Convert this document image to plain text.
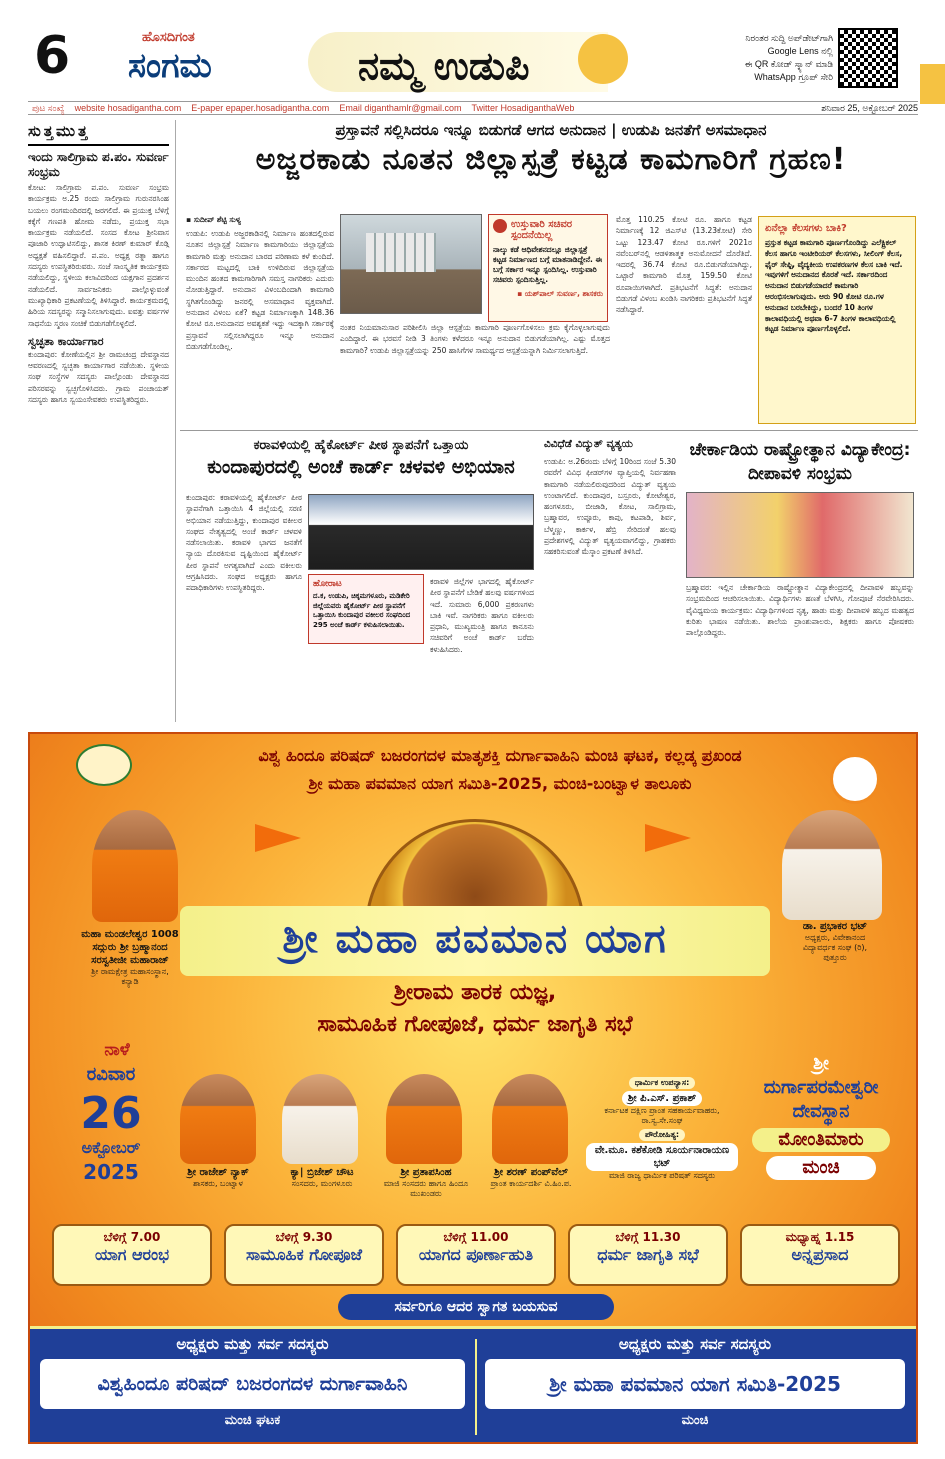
6	ಹೊಸದಿಗಂತ
ಸಂಗಮ	ನಮ್ಮ ಉಡುಪಿ
ನಿರಂತರ ಸುದ್ದಿ ಅಪ್‌ಡೇಟ್‌ಗಾಗಿ
Google Lens ನಲ್ಲಿ
ಈ QR ಕೋಡ್ ಸ್ಕ್ಯಾನ್ ಮಾಡಿ
WhatsApp ಗ್ರೂಪ್ ಸೇರಿ
ಪುಟ ಸಂಖ್ಯೆ website hosadigantha.com E-paper epaper.hosadigantha.com Email diganthamlr@gmail.com Twitter HosadiganthaWeb	ಶನಿವಾರ 25, ಅಕ್ಟೋಬರ್ 2025
ಸುತ್ತಮುತ್ತ
ಇಂದು ಸಾಲಿಗ್ರಾಮ ಪ.ಪಂ. ಸುವರ್ಣ ಸಂಭ್ರಮ

ಕೋಟ: ಸಾಲಿಗ್ರಾಮ ಪ.ಪಂ. ಸುವರ್ಣ ಸಂಭ್ರಮ ಕಾರ್ಯಕ್ರಮ ಅ.25 ರಂದು ಸಾಲಿಗ್ರಾಮ ಗುರುನರಸಿಂಹ ಬಯಲು ರಂಗಮಂದಿರದಲ್ಲಿ ಜರಗಲಿದೆ. ಈ ಪ್ರಯುಕ್ತ ಬೆಳಿಗ್ಗೆ ಕಕ್ಕೆಗೆ ಗಣಪತಿ ಹೋಮ ನಡೆದು, ಪ್ರಯುಕ್ತ ಸಭಾ ಕಾರ್ಯಕ್ರಮ ನಡೆಯಲಿದೆ. ಸಂಸದ ಕೋಟ ಶ್ರೀನಿವಾಸ ಪೂಜಾರಿ ಉದ್ಘಾಟಿಸಲಿದ್ದು, ಶಾಸಕ ಕಿರಣ್ ಕುಮಾರ್ ಕೊಡ್ಗಿ ಅಧ್ಯಕ್ಷತೆ ವಹಿಸಲಿದ್ದಾರೆ. ಪ.ಪಂ. ಅಧ್ಯಕ್ಷ ರತ್ನಾ ಹಾಗೂ ಸದಸ್ಯರು ಉಪಸ್ಥಿತರಿರುವರು. ಸಂಜೆ ಸಾಂಸ್ಕೃತಿಕ ಕಾರ್ಯಕ್ರಮ ನಡೆಯಲಿದ್ದು, ಸ್ಥಳೀಯ ಕಲಾವಿದರಿಂದ ಯಕ್ಷಗಾನ ಪ್ರದರ್ಶನ ನಡೆಯಲಿದೆ. ಸಾರ್ವಜನಿಕರು ಪಾಲ್ಗೊಳ್ಳುವಂತೆ ಮುಖ್ಯಾಧಿಕಾರಿ ಪ್ರಕಟಣೆಯಲ್ಲಿ ತಿಳಿಸಿದ್ದಾರೆ. ಕಾರ್ಯಕ್ರಮದಲ್ಲಿ ಹಿರಿಯ ಸದಸ್ಯರನ್ನು ಸನ್ಮಾನಿಸಲಾಗುವುದು. ಐವತ್ತು ವರ್ಷಗಳ ಸಾಧನೆಯ ಸ್ಮರಣ ಸಂಚಿಕೆ ಬಿಡುಗಡೆಗೊಳ್ಳಲಿದೆ.

ಸ್ವಚ್ಛತಾ ಕಾರ್ಯಾಗಾರ

ಕುಂದಾಪುರ: ಕೋಣೆಯಲ್ಲಿನ ಶ್ರೀ ರಾಮಚಂದ್ರ ದೇವಸ್ಥಾನದ ಆವರಣದಲ್ಲಿ ಸ್ವಚ್ಛತಾ ಕಾರ್ಯಾಗಾರ ನಡೆಯಿತು. ಸ್ಥಳೀಯ ಸಂಘ ಸಂಸ್ಥೆಗಳ ಸದಸ್ಯರು ಪಾಲ್ಗೊಂಡು ದೇವಸ್ಥಾನದ ಪರಿಸರವನ್ನು ಸ್ವಚ್ಛಗೊಳಿಸಿದರು. ಗ್ರಾಮ ಪಂಚಾಯತ್ ಸದಸ್ಯರು ಹಾಗೂ ಸ್ವಯಂಸೇವಕರು ಉಪಸ್ಥಿತರಿದ್ದರು.

ಪ್ರಸ್ತಾವನೆ ಸಲ್ಲಿಸಿದರೂ ಇನ್ನೂ ಬಿಡುಗಡೆ ಆಗದ ಅನುದಾನ | ಉಡುಪಿ ಜನತೆಗೆ ಅಸಮಾಧಾನ
ಅಜ್ಜರಕಾಡು ನೂತನ ಜಿಲ್ಲಾಸ್ಪತ್ರೆ ಕಟ್ಟಡ ಕಾಮಗಾರಿಗೆ ಗ್ರಹಣ!
▪ ಸುದೀಪ್ ಶೆಟ್ಟಿ ಸುಳ್ಯ
ಉಡುಪಿ: ಉಡುಪಿ ಅಜ್ಜರಕಾಡಿನಲ್ಲಿ ನಿರ್ಮಾಣ ಹಂತದಲ್ಲಿರುವ ನೂತನ ಜಿಲ್ಲಾಸ್ಪತ್ರೆ ನಿರ್ಮಾಣ ಕಾಮಗಾರಿಯು ಜಿಲ್ಲಾಸ್ಪತ್ರೆಯ ಕಾಮಗಾರಿ ಮತ್ತು ಅನುದಾನ ಬಾರದ ಪರಿಣಾಮ ಕಳೆ ಕುಂದಿದೆ. ಸರ್ಕಾರದ ಮಟ್ಟದಲ್ಲಿ ಬಾಕಿ ಉಳಿದಿರುವ ಜಿಲ್ಲಾಸ್ಪತ್ರೆಯ ಮುಂದಿನ ಹಂತದ ಕಾಮಗಾರಿಗಾಗಿ ಸಮಸ್ತ ನಾಗರಿಕರು ಎದುರು ನೋಡುತ್ತಿದ್ದಾರೆ. ಅನುದಾನ ವಿಳಂಬದಿಂದಾಗಿ ಕಾಮಗಾರಿ ಸ್ಥಗಿತಗೊಂಡಿದ್ದು ಜನರಲ್ಲಿ ಅಸಮಾಧಾನ ವ್ಯಕ್ತವಾಗಿದೆ. ಅನುದಾನ ವಿಳಂಬ ಏಕೆ? ಕಟ್ಟಡ ನಿರ್ಮಾಣಕ್ಕಾಗಿ 148.36 ಕೋಟಿ ರೂ.ಅನುದಾನದ ಅವಶ್ಯಕತೆ ಇದ್ದು ಇದಕ್ಕಾಗಿ ಸರ್ಕಾರಕ್ಕೆ ಪ್ರಸ್ತಾವನೆ ಸಲ್ಲಿಸಲಾಗಿದ್ದರೂ ಇನ್ನೂ ಅನುದಾನ ಬಿಡುಗಡೆಗೊಂಡಿಲ್ಲ.
ಉಸ್ತುವಾರಿ ಸಚಿವರ ಸ್ಪಂದನೆಯಿಲ್ಲ

ನಾಲ್ಕು ಕಡೆ ಆಧಿವೇಶನದಲ್ಲೂ ಜಿಲ್ಲಾಸ್ಪತ್ರೆ ಕಟ್ಟಡ ನಿರ್ಮಾಣದ ಬಗ್ಗೆ ಮಾತನಾಡಿದ್ದೇನೆ. ಈ ಬಗ್ಗೆ ಸರ್ಕಾರ ಇನ್ನೂ ಸ್ಪಂದಿಸಿಲ್ಲ. ಉಸ್ತುವಾರಿ ಸಚಿವರು ಸ್ಪಂದಿಸುತ್ತಿಲ್ಲ.

▪ ಯಶ್‌ಪಾಲ್ ಸುವರ್ಣ, ಶಾಸಕರು

ನಂತರ ನಿಯಮಾನುಸಾರ ಪರಿಶೀಲಿಸಿ ಜಿಲ್ಲಾ ಆಸ್ಪತ್ರೆಯ ಕಾಮಗಾರಿ ಪೂರ್ಣಗೊಳಿಸಲು ಕ್ರಮ ಕೈಗೊಳ್ಳಲಾಗುವುದು ಎಂದಿದ್ದಾರೆ. ಈ ಭರವಸೆ ನೀಡಿ 3 ತಿಂಗಳು ಕಳೆದರೂ ಇನ್ನೂ ಅನುದಾನ ಬಿಡುಗಡೆಯಾಗಿಲ್ಲ. ಎಷ್ಟು ಮೊತ್ತದ ಕಾಮಗಾರಿ? ಉಡುಪಿ ಜಿಲ್ಲಾಸ್ಪತ್ರೆಯನ್ನು 250 ಹಾಸಿಗೆಗಳ ಸಾಮರ್ಥ್ಯದ ಆಸ್ಪತ್ರೆಯನ್ನಾಗಿ ನಿರ್ಮಿಸಲಾಗುತ್ತಿದೆ.
ಮೊತ್ತ 110.25 ಕೋಟಿ ರೂ. ಹಾಗೂ ಕಟ್ಟಡ ನಿರ್ಮಾಣಕ್ಕೆ 12 ಜಿಎಸ್‌ಟಿ (13.23ಕೋಟಿ) ಸೇರಿ ಒಟ್ಟು 123.47 ಕೋಟಿ ರೂ.ಗಳಿಗೆ 2021ರ ನವೆಂಬರ್‌ನಲ್ಲಿ ಆಡಳಿತಾತ್ಮಕ ಅನುಮೋದನೆ ದೊರೆತಿದೆ. ಇದರಲ್ಲಿ 36.74 ಕೋಟಿ ರೂ.ಬಿಡುಗಡೆಯಾಗಿದ್ದು, ಒಟ್ಟಾರೆ ಕಾಮಗಾರಿ ಮೊತ್ತ 159.50 ಕೋಟಿ ರೂಪಾಯಿಗಳಾಗಿದೆ. ಪ್ರತಿಭಟನೆಗೆ ಸಿದ್ಧತೆ: ಅನುದಾನ ಬಿಡುಗಡೆ ವಿಳಂಬ ಖಂಡಿಸಿ ನಾಗರಿಕರು ಪ್ರತಿಭಟನೆಗೆ ಸಿದ್ಧತೆ ನಡೆಸಿದ್ದಾರೆ.
ಏನೆಲ್ಲಾ ಕೆಲಸಗಳು ಬಾಕಿ?

ಪ್ರಸ್ತುತ ಕಟ್ಟಡ ಕಾಮಗಾರಿ ಪೂರ್ಣಗೊಂಡಿದ್ದು ಎಲೆಕ್ಟ್ರಿಕಲ್ ಕೆಲಸ ಹಾಗೂ ಇಂಟೀರಿಯರ್ ಕೆಲಸಗಳು, ಸೀಲಿಂಗ್ ಕೆಲಸ, ಫೈರ್ ಸೇಫ್ಟಿ, ವೈದ್ಯಕೀಯ ಉಪಕರಣಗಳ ಕೆಲಸ ಬಾಕಿ ಇದೆ. ಇವುಗಳಿಗೆ ಅನುದಾನದ ಕೊರತೆ ಇದೆ. ಸರ್ಕಾರದಿಂದ ಅನುದಾನ ಬಿಡುಗಡೆಯಾದರೆ ಕಾಮಗಾರಿ ಆರಂಭಿಸಲಾಗುವುದು. ಆರು 90 ಕೋಟಿ ರೂ.ಗಳ ಅನುದಾನ ಬರಬೇಕಿದ್ದು, ಬಂದರೆ 10 ತಿಂಗಳ ಕಾಲಾವಧಿಯಲ್ಲಿ ಅಥವಾ 6-7 ತಿಂಗಳ ಕಾಲಾವಧಿಯಲ್ಲಿ ಕಟ್ಟಡ ನಿರ್ಮಾಣ ಪೂರ್ಣಗೊಳ್ಳಲಿದೆ.

ಕರಾವಳಿಯಲ್ಲಿ ಹೈಕೋರ್ಟ್ ಪೀಠ ಸ್ಥಾಪನೆಗೆ ಒತ್ತಾಯ
ಕುಂದಾಪುರದಲ್ಲಿ ಅಂಚೆ ಕಾರ್ಡ್ ಚಳವಳಿ ಅಭಿಯಾನ
ಕುಂದಾಪುರ: ಕರಾವಳಿಯಲ್ಲಿ ಹೈಕೋರ್ಟ್ ಪೀಠ ಸ್ಥಾಪನೆಗಾಗಿ ಒತ್ತಾಯಿಸಿ 4 ಜಿಲ್ಲೆಯಲ್ಲಿ ಸರಣಿ ಅಭಿಯಾನ ನಡೆಯುತ್ತಿದ್ದು, ಕುಂದಾಪುರ ವಕೀಲರ ಸಂಘದ ನೇತೃತ್ವದಲ್ಲಿ ಅಂಚೆ ಕಾರ್ಡ್ ಚಳವಳಿ ನಡೆಸಲಾಯಿತು. ಕರಾವಳಿ ಭಾಗದ ಜನತೆಗೆ ನ್ಯಾಯ ದೊರಕಿಸುವ ದೃಷ್ಟಿಯಿಂದ ಹೈಕೋರ್ಟ್ ಪೀಠ ಸ್ಥಾಪನೆ ಅಗತ್ಯವಾಗಿದೆ ಎಂದು ವಕೀಲರು ಆಗ್ರಹಿಸಿದರು. ಸಂಘದ ಅಧ್ಯಕ್ಷರು ಹಾಗೂ ಪದಾಧಿಕಾರಿಗಳು ಉಪಸ್ಥಿತರಿದ್ದರು.	ಹೋರಾಟ

ದ.ಕ, ಉಡುಪಿ, ಚಿಕ್ಕಮಗಳೂರು, ಮಡಿಕೇರಿ ಜಿಲ್ಲೆಯವರು ಹೈಕೋರ್ಟ್ ಪೀಠ ಸ್ಥಾಪನೆಗೆ ಒತ್ತಾಯಿಸಿ ಕುಂದಾಪುರ ವಕೀಲರ ಸಂಘದಿಂದ 295 ಅಂಚೆ ಕಾರ್ಡ್ ಕಳುಹಿಸಲಾಯಿತು.

ಕರಾವಳಿ ಜಿಲ್ಲೆಗಳ ಭಾಗದಲ್ಲಿ ಹೈಕೋರ್ಟ್ ಪೀಠ ಸ್ಥಾಪನೆಗೆ ಬೇಡಿಕೆ ಹಲವು ವರ್ಷಗಳಿಂದ ಇದೆ. ಸುಮಾರು 6,000 ಪ್ರಕರಣಗಳು ಬಾಕಿ ಇವೆ. ನಾಗರಿಕರು ಹಾಗೂ ವಕೀಲರು ಪ್ರಧಾನಿ, ಮುಖ್ಯಮಂತ್ರಿ ಹಾಗೂ ಕಾನೂನು ಸಚಿವರಿಗೆ ಅಂಚೆ ಕಾರ್ಡ್ ಬರೆದು ಕಳುಹಿಸಿದರು.
ವಿವಿಧೆಡೆ ವಿದ್ಯುತ್ ವ್ಯತ್ಯಯ
ಉಡುಪಿ: ಅ.26ರಂದು ಬೆಳಿಗ್ಗೆ 10ರಿಂದ ಸಂಜೆ 5.30 ರವರೆಗೆ ವಿವಿಧ ಫೀಡರ್‌ಗಳ ವ್ಯಾಪ್ತಿಯಲ್ಲಿ ನಿರ್ವಹಣಾ ಕಾಮಗಾರಿ ನಡೆಯಲಿರುವುದರಿಂದ ವಿದ್ಯುತ್ ವ್ಯತ್ಯಯ ಉಂಟಾಗಲಿದೆ. ಕುಂದಾಪುರ, ಬಸ್ರೂರು, ಕೋಟೇಶ್ವರ, ಹಂಗಳೂರು, ಬೀಜಾಡಿ, ಕೋಟ, ಸಾಲಿಗ್ರಾಮ, ಬ್ರಹ್ಮಾವರ, ಉಪ್ಪೂರು, ಕಾಪು, ಕಟಪಾಡಿ, ಶಿರ್ವ, ಬೆಳ್ಮಣ್ಣು, ಕಾರ್ಕಳ, ಹೆಬ್ರಿ ಸೇರಿದಂತೆ ಹಲವು ಪ್ರದೇಶಗಳಲ್ಲಿ ವಿದ್ಯುತ್ ವ್ಯತ್ಯಯವಾಗಲಿದ್ದು, ಗ್ರಾಹಕರು ಸಹಕರಿಸುವಂತೆ ಮೆಸ್ಕಾಂ ಪ್ರಕಟಣೆ ತಿಳಿಸಿದೆ.
ಚೇರ್ಕಾಡಿಯ ರಾಷ್ಟ್ರೋತ್ಥಾನ ವಿದ್ಯಾಕೇಂದ್ರ: ದೀಪಾವಳಿ ಸಂಭ್ರಮ
ಬ್ರಹ್ಮಾವರ: ಇಲ್ಲಿನ ಚೇರ್ಕಾಡಿಯ ರಾಷ್ಟ್ರೋತ್ಥಾನ ವಿದ್ಯಾಕೇಂದ್ರದಲ್ಲಿ ದೀಪಾವಳಿ ಹಬ್ಬವನ್ನು ಸಂಭ್ರಮದಿಂದ ಆಚರಿಸಲಾಯಿತು. ವಿದ್ಯಾರ್ಥಿಗಳು ಹಣತೆ ಬೆಳಗಿಸಿ, ಗೋಪೂಜೆ ನೆರವೇರಿಸಿದರು. ವೈವಿಧ್ಯಮಯ ಕಾರ್ಯಕ್ರಮ: ವಿದ್ಯಾರ್ಥಿಗಳಿಂದ ನೃತ್ಯ, ಹಾಡು ಮತ್ತು ದೀಪಾವಳಿ ಹಬ್ಬದ ಮಹತ್ವದ ಕುರಿತು ಭಾಷಣ ನಡೆಯಿತು. ಶಾಲೆಯ ಪ್ರಾಂಶುಪಾಲರು, ಶಿಕ್ಷಕರು ಹಾಗೂ ಪೋಷಕರು ಪಾಲ್ಗೊಂಡಿದ್ದರು.
ವಿಶ್ವ ಹಿಂದೂ ಪರಿಷದ್ ಬಜರಂಗದಳ ಮಾತೃಶಕ್ತಿ ದುರ್ಗಾವಾಹಿನಿ ಮಂಚಿ ಘಟಕ, ಕಲ್ಲಡ್ಕ ಪ್ರಖಂಡ
ಶ್ರೀ ಮಹಾ ಪವಮಾನ ಯಾಗ ಸಮಿತಿ-2025, ಮಂಚಿ-ಬಂಟ್ವಾಳ ತಾಲೂಕು
ಮಹಾ ಮಂಡಲೇಶ್ವರ 1008
ಸದ್ಗುರು ಶ್ರೀ ಬ್ರಹ್ಮಾನಂದ
ಸರಸ್ವತೀಜೀ ಮಹಾರಾಜ್
ಶ್ರೀ ರಾಮಕ್ಷೇತ್ರ ಮಹಾಸಂಸ್ಥಾನ,
ಕನ್ಯಾಡಿ
ಡಾ. ಪ್ರಭಾಕರ ಭಟ್
ಅಧ್ಯಕ್ಷರು, ವಿವೇಕಾನಂದ
ವಿದ್ಯಾವರ್ಧಕ ಸಂಘ (ರಿ),
ಪುತ್ತೂರು
ಶ್ರೀ ಮಹಾ ಪವಮಾನ ಯಾಗ
ಶ್ರೀರಾಮ ತಾರಕ ಯಜ್ಞ,
ಸಾಮೂಹಿಕ ಗೋಪೂಜೆ, ಧರ್ಮ ಜಾಗೃತಿ ಸಭೆ
ನಾಳೆ
ರವಿವಾರ
26
ಅಕ್ಟೋಬರ್
2025	ಶ್ರೀ ರಾಜೇಶ್ ನ್ಯಾಕ್
ಶಾಸಕರು, ಬಂಟ್ವಾಳ
ಕ್ಯಾ| ಬ್ರಿಜೇಶ್ ಚೌಟ
ಸಂಸದರು, ಮಂಗಳೂರು
ಶ್ರೀ ಪ್ರತಾಪಸಿಂಹ
ಮಾಜಿ ಸಂಸದರು ಹಾಗೂ ಹಿಂದೂ ಮುಖಂಡರು
ಶ್ರೀ ಶರಣ್ ಪಂಪ್‌ವೆಲ್
ಪ್ರಾಂತ ಕಾರ್ಯದರ್ಶಿ ವಿ.ಹಿಂ.ಪ.
ಧಾರ್ಮಿಕ ಉಪನ್ಯಾಸ:
ಶ್ರೀ ಪಿ.ಎಸ್. ಪ್ರಕಾಶ್
ಕರ್ನಾಟಕ ದಕ್ಷಿಣ ಪ್ರಾಂತ ಸಹಕಾರ್ಯವಾಹರು, ರಾ.ಸ್ವ.ಸೇ.ಸಂಘ
ಪೌರೋಹಿತ್ಯ:
ವೇ.ಮೂ. ಕಶೆಕೋಡಿ ಸೂರ್ಯನಾರಾಯಣ ಭಟ್
ಮಾಜಿ ರಾಜ್ಯ ಧಾರ್ಮಿಕ ಪರಿಷತ್ ಸದಸ್ಯರು
ಶ್ರೀ
ದುರ್ಗಾಪರಮೇಶ್ವರೀ
ದೇವಸ್ಥಾನ
ಮೋಂತಿಮಾರು
ಮಂಚಿ
ಬೆಳಿಗ್ಗೆ 7.00
ಯಾಗ ಆರಂಭ
ಬೆಳಿಗ್ಗೆ 9.30
ಸಾಮೂಹಿಕ ಗೋಪೂಜೆ
ಬೆಳಿಗ್ಗೆ 11.00
ಯಾಗದ ಪೂರ್ಣಾಹುತಿ
ಬೆಳಿಗ್ಗೆ 11.30
ಧರ್ಮ ಜಾಗೃತಿ ಸಭೆ
ಮಧ್ಯಾಹ್ನ 1.15
ಅನ್ನಪ್ರಸಾದ
ಸರ್ವರಿಗೂ ಆದರ ಸ್ವಾಗತ ಬಯಸುವ
ಅಧ್ಯಕ್ಷರು ಮತ್ತು ಸರ್ವ ಸದಸ್ಯರು
ವಿಶ್ವಹಿಂದೂ ಪರಿಷದ್ ಬಜರಂಗದಳ ದುರ್ಗಾವಾಹಿನಿ
ಮಂಚಿ ಘಟಕ
ಅಧ್ಯಕ್ಷರು ಮತ್ತು ಸರ್ವ ಸದಸ್ಯರು
ಶ್ರೀ ಮಹಾ ಪವಮಾನ ಯಾಗ ಸಮಿತಿ-2025
ಮಂಚಿ
